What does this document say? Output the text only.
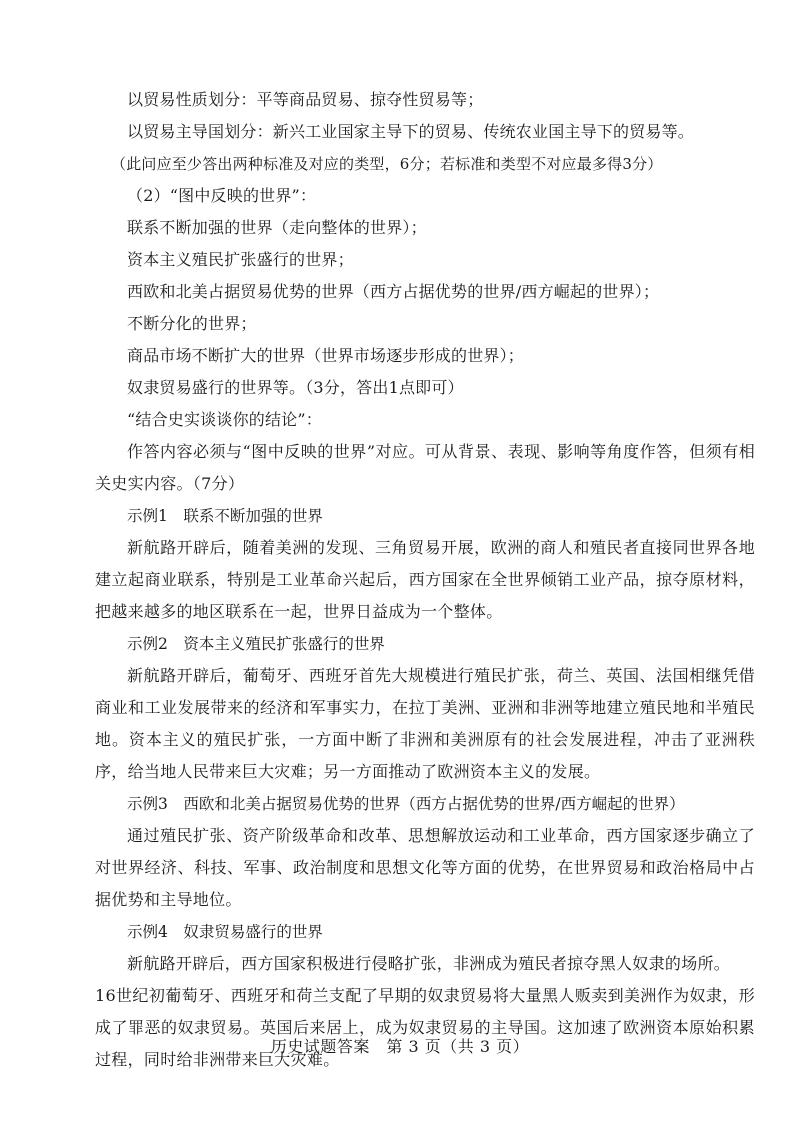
以贸易性质划分：平等商品贸易、掠夺性贸易等；
以贸易主导国划分：新兴工业国家主导下的贸易、传统农业国主导下的贸易等。
（此问应至少答出两种标准及对应的类型，6分；若标准和类型不对应最多得3分）
（2）“图中反映的世界”：
联系不断加强的世界（走向整体的世界）；
资本主义殖民扩张盛行的世界；
西欧和北美占据贸易优势的世界（西方占据优势的世界/西方崛起的世界）；
不断分化的世界；
商品市场不断扩大的世界（世界市场逐步形成的世界）；
奴隶贸易盛行的世界等。（3分，答出1点即可）
“结合史实谈谈你的结论”：
作答内容必须与“图中反映的世界”对应。可从背景、表现、影响等角度作答，但须有相关史实内容。（7分）
示例1　联系不断加强的世界
新航路开辟后，随着美洲的发现、三角贸易开展，欧洲的商人和殖民者直接同世界各地建立起商业联系，特别是工业革命兴起后，西方国家在全世界倾销工业产品，掠夺原材料，把越来越多的地区联系在一起，世界日益成为一个整体。
示例2　资本主义殖民扩张盛行的世界
新航路开辟后，葡萄牙、西班牙首先大规模进行殖民扩张，荷兰、英国、法国相继凭借商业和工业发展带来的经济和军事实力，在拉丁美洲、亚洲和非洲等地建立殖民地和半殖民地。资本主义的殖民扩张，一方面中断了非洲和美洲原有的社会发展进程，冲击了亚洲秩序，给当地人民带来巨大灾难；另一方面推动了欧洲资本主义的发展。
示例3　西欧和北美占据贸易优势的世界（西方占据优势的世界/西方崛起的世界）
通过殖民扩张、资产阶级革命和改革、思想解放运动和工业革命，西方国家逐步确立了对世界经济、科技、军事、政治制度和思想文化等方面的优势，在世界贸易和政治格局中占据优势和主导地位。
示例4　奴隶贸易盛行的世界
新航路开辟后，西方国家积极进行侵略扩张，非洲成为殖民者掠夺黑人奴隶的场所。
16世纪初葡萄牙、西班牙和荷兰支配了早期的奴隶贸易将大量黑人贩卖到美洲作为奴隶，形成了罪恶的奴隶贸易。英国后来居上，成为奴隶贸易的主导国。这加速了欧洲资本原始积累过程，同时给非洲带来巨大灾难。
历史试题答案　第 3 页（共 3 页）
